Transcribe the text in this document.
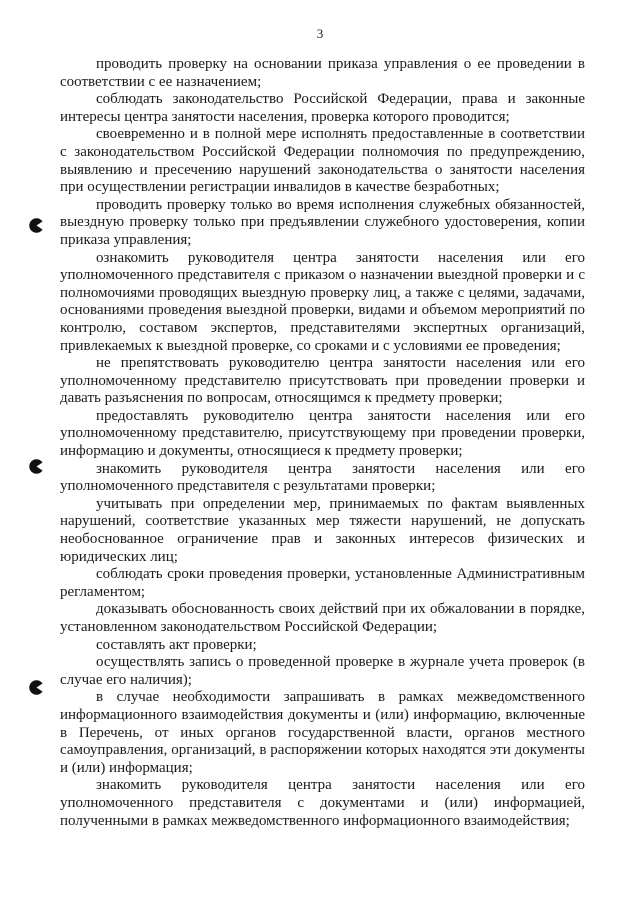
3

проводить проверку на основании приказа управления о ее проведении в соответствии с ее назначением;

соблюдать законодательство Российской Федерации, права и законные интересы центра занятости населения, проверка которого проводится;

своевременно и в полной мере исполнять предоставленные в соответствии с законодательством Российской Федерации полномочия по предупреждению, выявлению и пресечению нарушений законодательства о занятости населения при осуществлении регистрации инвалидов в качестве безработных;

проводить проверку только во время исполнения служебных обязанностей, выездную проверку только при предъявлении служебного удостоверения, копии приказа управления;

ознакомить руководителя центра занятости населения или его уполномоченного представителя с приказом о назначении выездной проверки и с полномочиями проводящих выездную проверку лиц, а также с целями, задачами, основаниями проведения выездной проверки, видами и объемом мероприятий по контролю, составом экспертов, представителями экспертных организаций, привлекаемых к выездной проверке, со сроками и с условиями ее проведения;

не препятствовать руководителю центра занятости населения или его уполномоченному представителю присутствовать при проведении проверки и давать разъяснения по вопросам, относящимся к предмету проверки;

предоставлять руководителю центра занятости населения или его уполномоченному представителю, присутствующему при проведении проверки, информацию и документы, относящиеся к предмету проверки;

знакомить руководителя центра занятости населения или его уполномоченного представителя с результатами проверки;

учитывать при определении мер, принимаемых по фактам выявленных нарушений, соответствие указанных мер тяжести нарушений, не допускать необоснованное ограничение прав и законных интересов физических и юридических лиц;

соблюдать сроки проведения проверки, установленные Административным регламентом;

доказывать обоснованность своих действий при их обжаловании в порядке, установленном законодательством Российской Федерации;

составлять акт проверки;

осуществлять запись о проведенной проверке в журнале учета проверок (в случае его наличия);

в случае необходимости запрашивать в рамках межведомственного информационного взаимодействия документы и (или) информацию, включенные в Перечень, от иных органов государственной власти, органов местного самоуправления, организаций, в распоряжении которых находятся эти документы и (или) информация;

знакомить руководителя центра занятости населения или его уполномоченного представителя с документами и (или) информацией, полученными в рамках межведомственного информационного взаимодействия;
